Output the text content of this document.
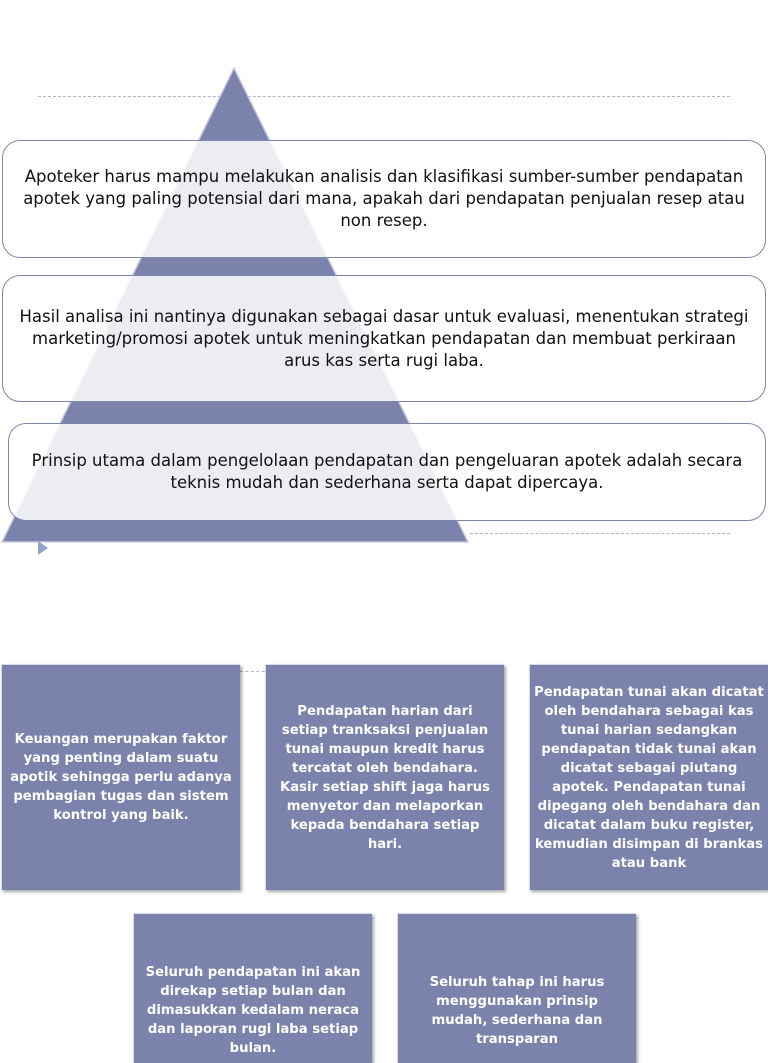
Apoteker harus mampu melakukan analisis dan klasifikasi sumber-sumber pendapatan apotek yang paling potensial dari mana, apakah dari pendapatan penjualan resep atau non resep.
Hasil analisa ini nantinya digunakan sebagai dasar untuk evaluasi, menentukan strategi marketing/promosi apotek untuk meningkatkan pendapatan dan membuat perkiraan arus kas serta rugi laba.
Prinsip utama dalam pengelolaan pendapatan dan pengeluaran apotek adalah secara teknis mudah dan sederhana serta dapat dipercaya.
Keuangan merupakan faktor yang penting dalam suatu apotik sehingga perlu adanya pembagian tugas dan sistem kontrol yang baik.
Pendapatan harian dari setiap tranksaksi penjualan tunai maupun kredit harus tercatat oleh bendahara. Kasir setiap shift jaga harus menyetor dan melaporkan kepada bendahara setiap hari.
Pendapatan tunai akan dicatat oleh bendahara sebagai kas tunai harian sedangkan pendapatan tidak tunai akan dicatat sebagai piutang apotek. Pendapatan tunai dipegang oleh bendahara dan dicatat dalam buku register, kemudian disimpan di brankas atau bank
Seluruh pendapatan ini akan direkap setiap bulan dan dimasukkan kedalam neraca dan laporan rugi laba setiap bulan.
Seluruh tahap ini harus menggunakan prinsip mudah, sederhana dan transparan
